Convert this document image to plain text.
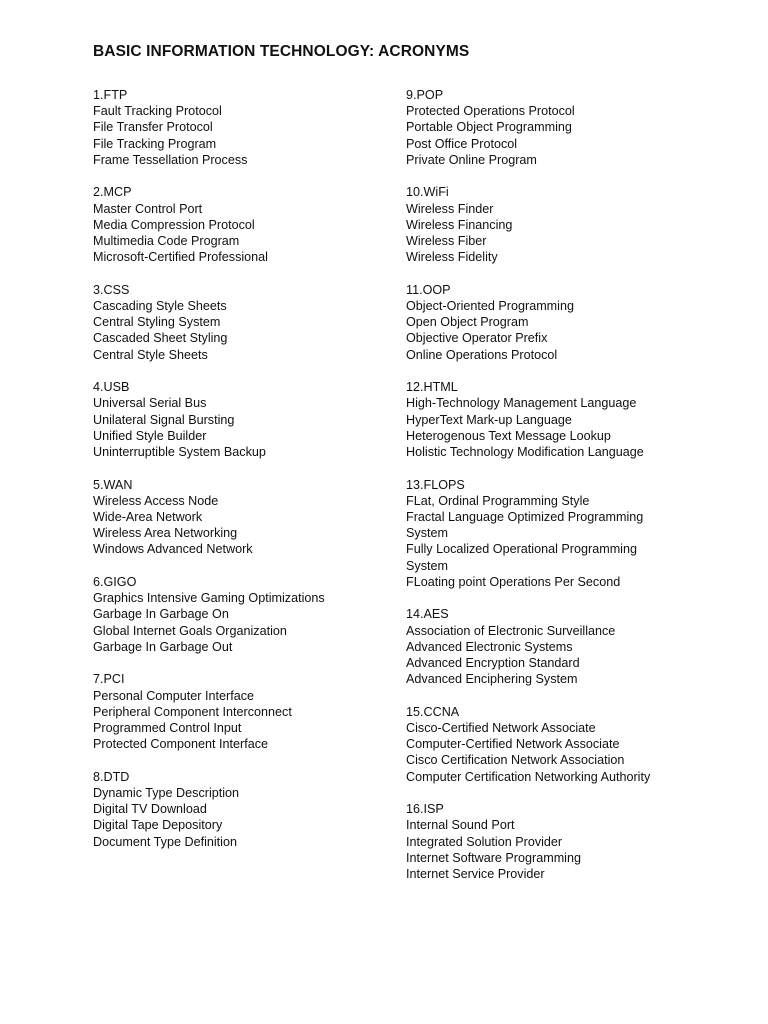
BASIC INFORMATION TECHNOLOGY: ACRONYMS
1.FTP
Fault Tracking Protocol
File Transfer Protocol
File Tracking Program
Frame Tessellation Process
2.MCP
Master Control Port
Media Compression Protocol
Multimedia Code Program
Microsoft-Certified Professional
3.CSS
Cascading Style Sheets
Central Styling System
Cascaded Sheet Styling
Central Style Sheets
4.USB
Universal Serial Bus
Unilateral Signal Bursting
Unified Style Builder
Uninterruptible System Backup
5.WAN
Wireless Access Node
Wide-Area Network
Wireless Area Networking
Windows Advanced Network
6.GIGO
Graphics Intensive Gaming Optimizations
Garbage In Garbage On
Global Internet Goals Organization
Garbage In Garbage Out
7.PCI
Personal Computer Interface
Peripheral Component Interconnect
Programmed Control Input
Protected Component Interface
8.DTD
Dynamic Type Description
Digital TV Download
Digital Tape Depository
Document Type Definition
9.POP
Protected Operations Protocol
Portable Object Programming
Post Office Protocol
Private Online Program
10.WiFi
Wireless Finder
Wireless Financing
Wireless Fiber
Wireless Fidelity
11.OOP
Object-Oriented Programming
Open Object Program
Objective Operator Prefix
Online Operations Protocol
12.HTML
High-Technology Management Language
HyperText Mark-up Language
Heterogenous Text Message Lookup
Holistic Technology Modification Language
13.FLOPS
FLat, Ordinal Programming Style
Fractal Language Optimized Programming System
Fully Localized Operational Programming System
FLoating point Operations Per Second
14.AES
Association of Electronic Surveillance
Advanced Electronic Systems
Advanced Encryption Standard
Advanced Enciphering System
15.CCNA
Cisco-Certified Network Associate
Computer-Certified Network Associate
Cisco Certification Network Association
Computer Certification Networking Authority
16.ISP
Internal Sound Port
Integrated Solution Provider
Internet Software Programming
Internet Service Provider
